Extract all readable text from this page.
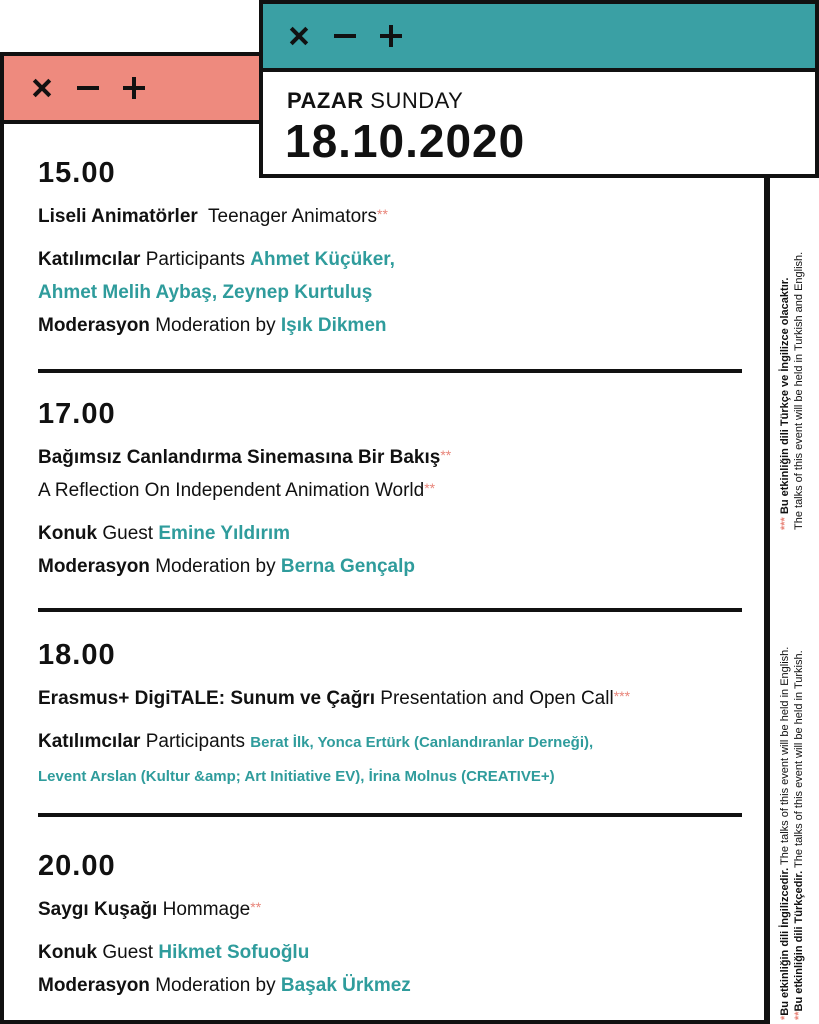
PAZAR SUNDAY
18.10.2020
15.00
Liseli Animatörler Teenager Animators**
Katılımcılar Participants Ahmet Küçüker,
Ahmet Melih Aybaş, Zeynep Kurtuluş
Moderasyon Moderation by Işık Dikmen
17.00
Bağımsız Canlandırma Sinemasına Bir Bakış**
A Reflection On Independent Animation World**
Konuk Guest Emine Yıldırım
Moderasyon Moderation by Berna Gençalp
18.00
Erasmus+ DigiTALE: Sunum ve Çağrı Presentation and Open Call***
Katılımcılar Participants Berat İlk, Yonca Ertürk (Canlandıranlar Derneği),
Levent Arslan (Kultur &amp; Art Initiative EV), İrina Molnus (CREATIVE+)
20.00
Saygı Kuşağı Hommage**
Konuk Guest Hikmet Sofuoğlu
Moderasyon Moderation by Başak Ürkmez
*** Bu etkinliğin dili Türkçe ve İngilizce olacaktır. The talks of this event will be held in Turkish and English.
*Bu etkinliğin dili İngilizcedir. The talks of this event will be held in English.
**Bu etkinliğin dili Türkçedir. The talks of this event will be held in Turkish.
